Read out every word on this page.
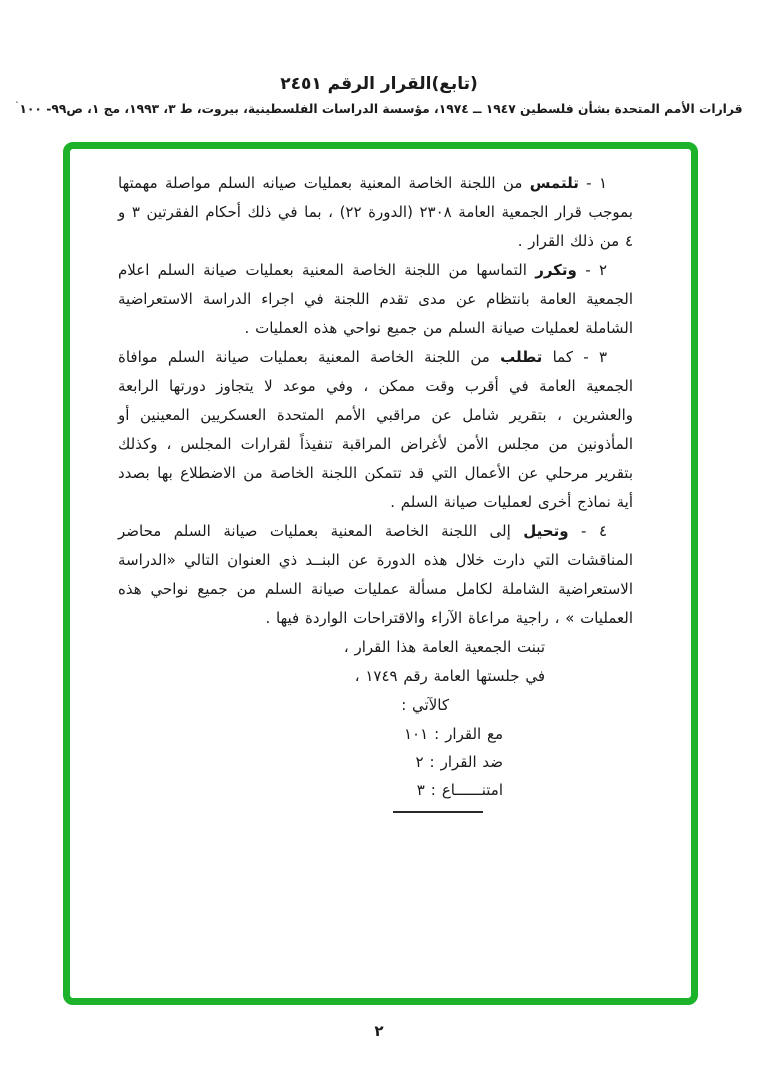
(تابع)القرار الرقم ٢٤٥١
قرارات الأمم المتحدة بشأن فلسطين ١٩٤٧ ــ ١٩٧٤، مؤسسة الدراسات الفلسطينية، بيروت، ط ٣، ١٩٩٣، مج ١، ص٩٩- ١٠٠`

١ - تلتمس من اللجنة الخاصة المعنية بعمليات صيانه السلم مواصلة مهمتها بموجب قرار الجمعية العامة ٢٣٠٨ (الدورة ٢٢) ، بما في ذلك أحكام الفقرتين ٣ و ٤ من ذلك القرار .

٢ - وتكرر التماسها من اللجنة الخاصة المعنية بعمليات صيانة السلم اعلام الجمعية العامة بانتظام عن مدى تقدم اللجنة في اجراء الدراسة الاستعراضية الشاملة لعمليات صيانة السلم من جميع نواحي هذه العمليات .

٣ - كما تطلب من اللجنة الخاصة المعنية بعمليات صيانة السلم موافاة الجمعية العامة في أقرب وقت ممكن ، وفي موعد لا يتجاوز دورتها الرابعة والعشرين ، بتقرير شامل عن مراقبي الأمم المتحدة العسكريين المعينين أو المأذونين من مجلس الأمن لأغراض المراقبة تنفيذاً لقرارات المجلس ، وكذلك بتقرير مرحلي عن الأعمال التي قد تتمكن اللجنة الخاصة من الاضطلاع بها بصدد أية نماذج أخرى لعمليات صيانة السلم .

٤ - وتحيل إلى اللجنة الخاصة المعنية بعمليات صيانة السلم محاضر المناقشات التي دارت خلال هذه الدورة عن البنــد ذي العنوان التالي «الدراسة الاستعراضية الشاملة لكامل مسألة عمليات صيانة السلم من جميع نواحي هذه العمليات » ، راجية مراعاة الآراء والاقتراحات الواردة فيها .

تبنت الجمعية العامة هذا القرار ،

في جلستها العامة رقم ١٧٤٩ ،

كالآتي :

مع القرار:١٠١

ضد القرار:٢

امتنــــــاع:٣

٢
